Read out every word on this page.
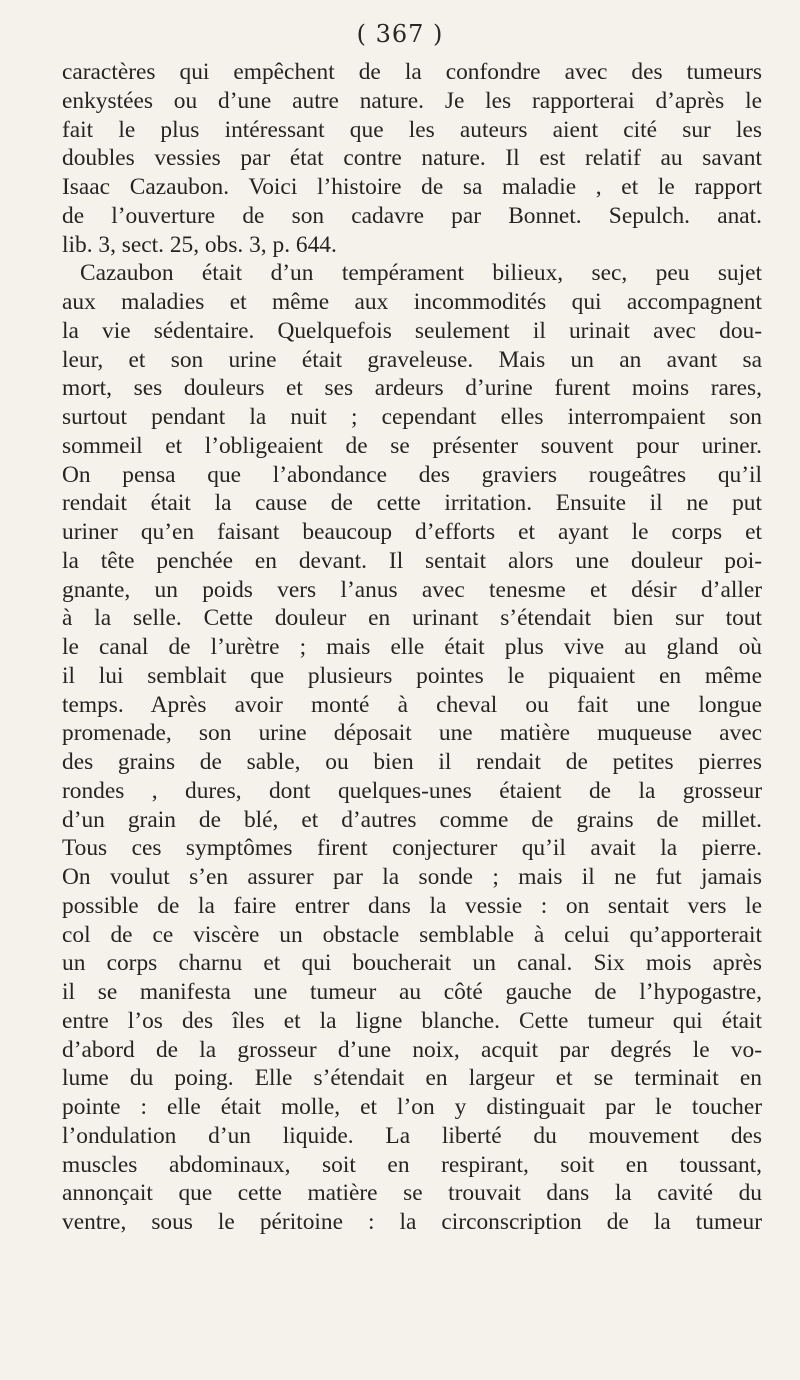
( 367 )
caractères qui empêchent de la confondre avec des tumeurs
enkystées ou d’une autre nature. Je les rapporterai d’après le
fait le plus intéressant que les auteurs aient cité sur les
doubles vessies par état contre nature. Il est relatif au savant
Isaac Cazaubon. Voici l’histoire de sa maladie , et le rapport
de l’ouverture de son cadavre par Bonnet. Sepulch. anat.
lib. 3, sect. 25, obs. 3, p. 644.
Cazaubon était d’un tempérament bilieux, sec, peu sujet
aux maladies et même aux incommodités qui accompagnent
la vie sédentaire. Quelquefois seulement il urinait avec dou-
leur, et son urine était graveleuse. Mais un an avant sa
mort, ses douleurs et ses ardeurs d’urine furent moins rares,
surtout pendant la nuit ; cependant elles interrompaient son
sommeil et l’obligeaient de se présenter souvent pour uriner.
On pensa que l’abondance des graviers rougeâtres qu’il
rendait était la cause de cette irritation. Ensuite il ne put
uriner qu’en faisant beaucoup d’efforts et ayant le corps et
la tête penchée en devant. Il sentait alors une douleur poi-
gnante, un poids vers l’anus avec tenesme et désir d’aller
à la selle. Cette douleur en urinant s’étendait bien sur tout
le canal de l’urètre ; mais elle était plus vive au gland où
il lui semblait que plusieurs pointes le piquaient en même
temps. Après avoir monté à cheval ou fait une longue
promenade, son urine déposait une matière muqueuse avec
des grains de sable, ou bien il rendait de petites pierres
rondes , dures, dont quelques-unes étaient de la grosseur
d’un grain de blé, et d’autres comme de grains de millet.
Tous ces symptômes firent conjecturer qu’il avait la pierre.
On voulut s’en assurer par la sonde ; mais il ne fut jamais
possible de la faire entrer dans la vessie : on sentait vers le
col de ce viscère un obstacle semblable à celui qu’apporterait
un corps charnu et qui boucherait un canal. Six mois après
il se manifesta une tumeur au côté gauche de l’hypogastre,
entre l’os des îles et la ligne blanche. Cette tumeur qui était
d’abord de la grosseur d’une noix, acquit par degrés le vo-
lume du poing. Elle s’étendait en largeur et se terminait en
pointe : elle était molle, et l’on y distinguait par le toucher
l’ondulation d’un liquide. La liberté du mouvement des
muscles abdominaux, soit en respirant, soit en toussant,
annonçait que cette matière se trouvait dans la cavité du
ventre, sous le péritoine : la circonscription de la tumeur
